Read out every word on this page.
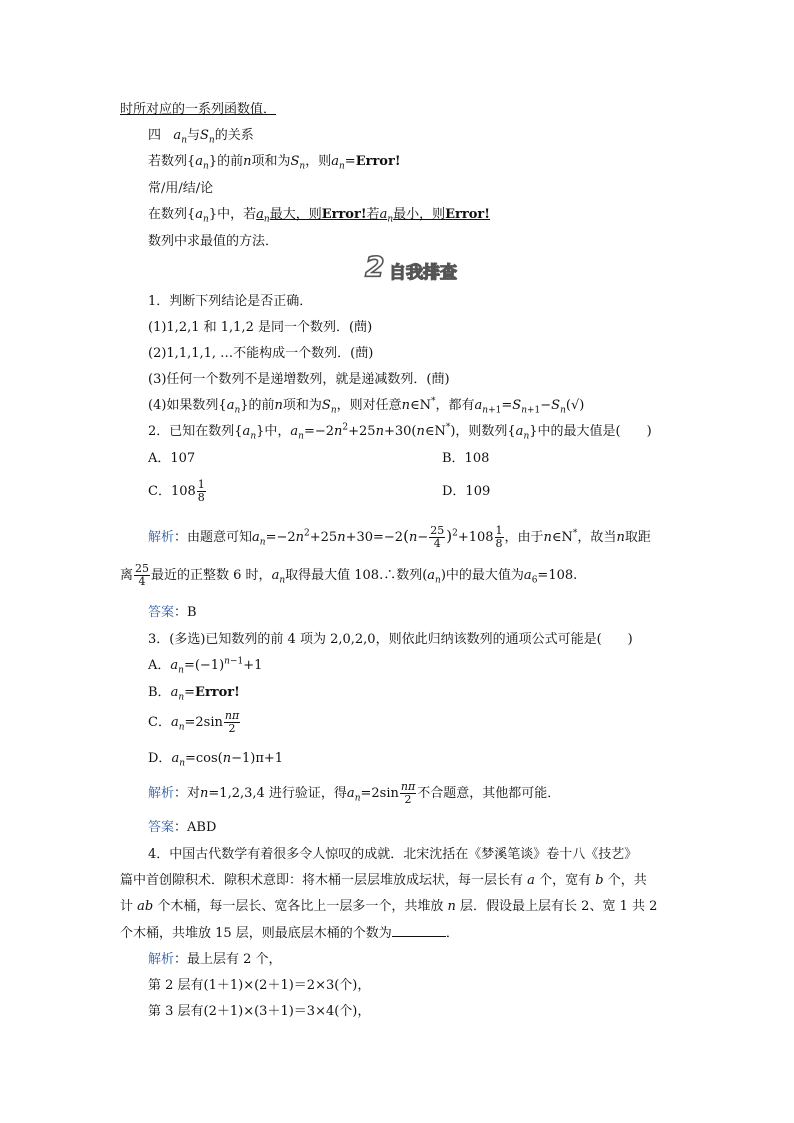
时所对应的一系列函数值．
四 $a_n$与$S_n$的关系
若数列$\{a_n\}$的前n项和为$S_n$，则$a_n=Error$!
常/用/结/论
在数列$\{a_n\}$中，若$a_n$最大，则Error!若$a_n$最小，则Error!
数列中求最值的方法．
2 自我排查
1．判断下列结论是否正确．
(1)1,2,1 和 1,1,2 是同一个数列．(蔄)
(2)1,1,1,1, …不能构成一个数列．(蔄)
(3)任何一个数列不是递增数列，就是递减数列．(蔄)
(4)如果数列$\{a_n\}$的前n项和为$S_n$，则对任意n∈N*，都有$a_{n+1}=S_{n+1}-S_n(√)$
2．已知在数列$\{a_n\}$中，$a_n=-2n^2+25n+30(n\in N^*)$，则数列$\{a_n\}$中的最大值是(　　)
A．107	B．108
C．$108 \frac{1}{8}$	D．109
解析：由题意可知$a_n=-2n^2+25n+30=-2(n- \frac{25}{4} )^2+108 \frac{1}{8}$ ，由于n∈N*，故当n取距
离 $\frac{25}{4}$ 最近的正整数 6 时，$a_n$取得最大值 108.∴数列$(a_n)$中的最大值为$a_6=108$.
答案：B
3．(多选)已知数列的前 4 项为 2,0,2,0，则依此归纳该数列的通项公式可能是(　　)
A．$a_n=(-1)^{n-1}+1$
B．$a_n=Error$!
C．$a_n=2\sin \frac{n\pi}{2}$
D．$a_n=\cos(n-1)\pi+1$
解析：对n=1,2,3,4 进行验证，得$a_n=2\sin \frac{n\pi}{2}$ 不合题意，其他都可能．
答案：ABD
4．中国古代数学有着很多令人惊叹的成就．北宋沈括在《梦溪笔谈》卷十八《技艺》
篇中首创隙积术．隙积术意即：将木桶一层层堆放成坛状，每一层长有 a 个，宽有 b 个，共
计 ab 个木桶，每一层长、宽各比上一层多一个，共堆放 n 层．假设最上层有长 2、宽 1 共 2
个木桶，共堆放 15 层，则最底层木桶的个数为	．
解析：最上层有 2 个，
第 2 层有(1＋1)×(2＋1)＝2×3(个)，
第 3 层有(2＋1)×(3＋1)＝3×4(个)，
